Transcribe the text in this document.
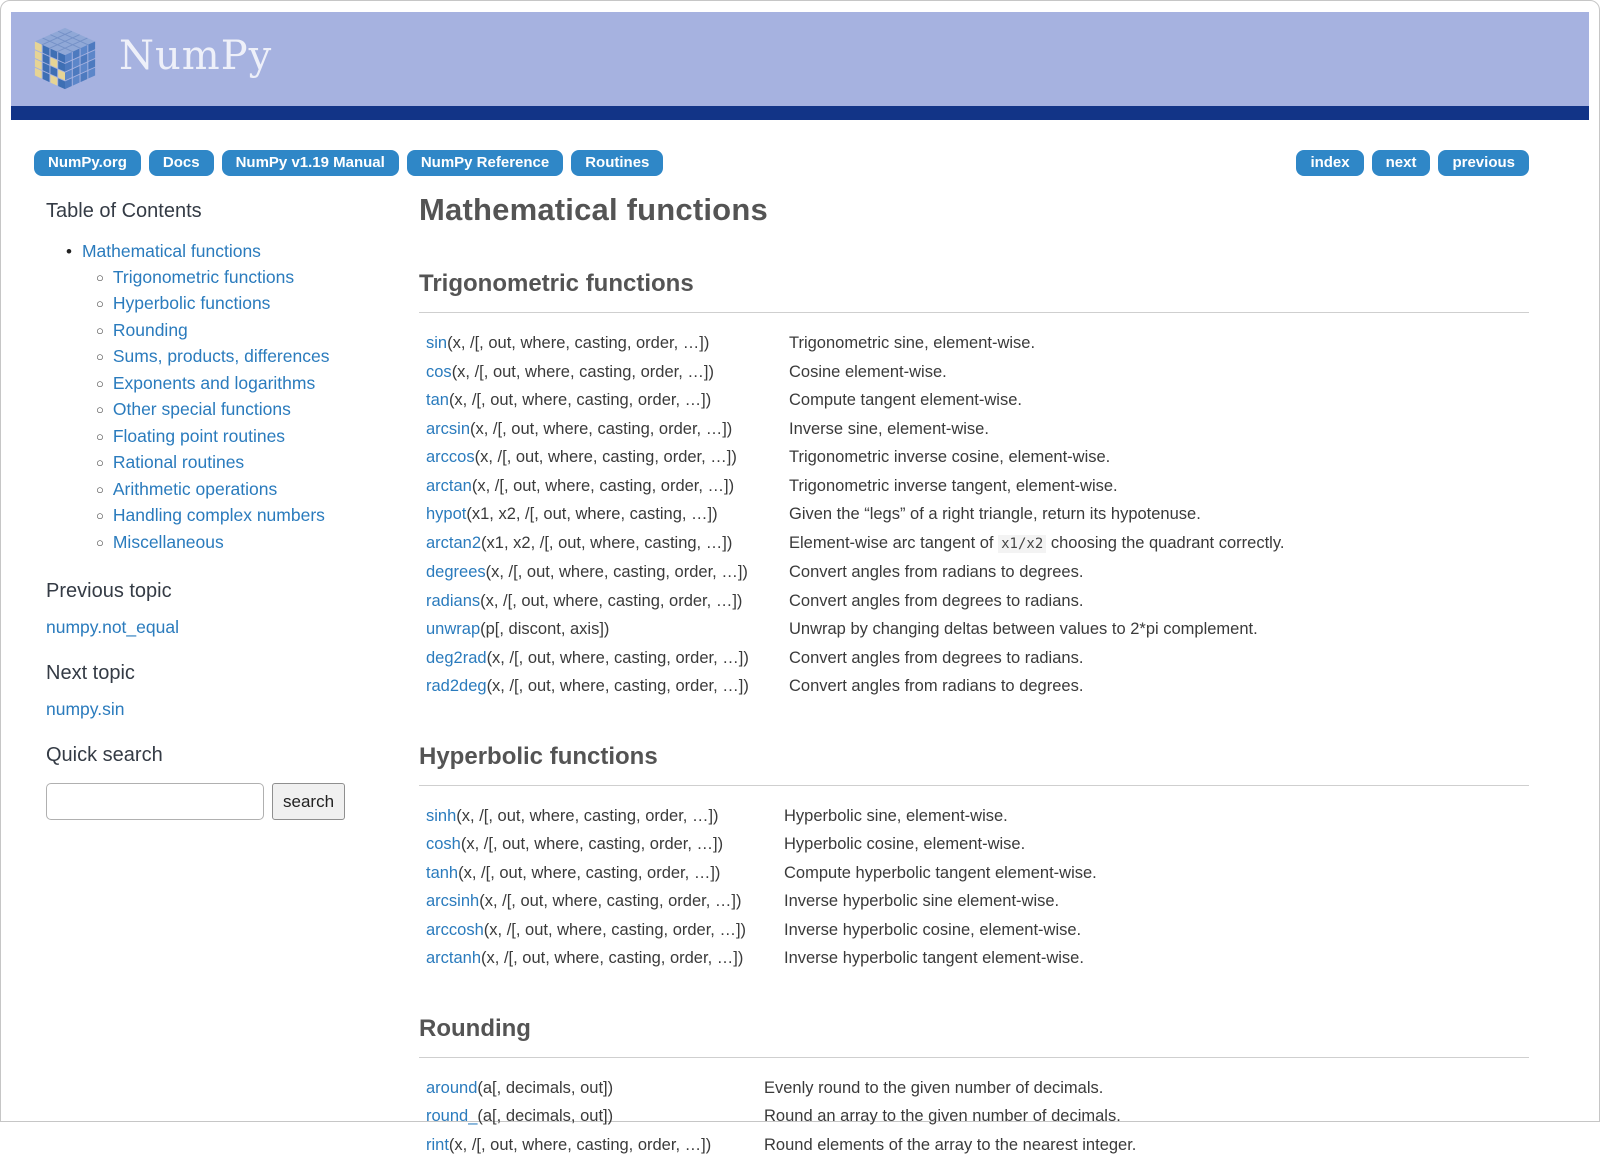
NumPy
NumPy.org	Docs	NumPy v1.19 Manual	NumPy Reference	Routines	index	next	previous
Table of Contents
• Mathematical functions
○ Trigonometric functions
○ Hyperbolic functions
○ Rounding
○ Sums, products, differences
○ Exponents and logarithms
○ Other special functions
○ Floating point routines
○ Rational routines
○ Arithmetic operations
○ Handling complex numbers
○ Miscellaneous
Previous topic
numpy.not_equal
Next topic
numpy.sin
Quick search
search
Mathematical functions
Trigonometric functions
sin(x, /[, out, where, casting, order, …])	Trigonometric sine, element-wise.
cos(x, /[, out, where, casting, order, …])	Cosine element-wise.
tan(x, /[, out, where, casting, order, …])	Compute tangent element-wise.
arcsin(x, /[, out, where, casting, order, …])	Inverse sine, element-wise.
arccos(x, /[, out, where, casting, order, …])	Trigonometric inverse cosine, element-wise.
arctan(x, /[, out, where, casting, order, …])	Trigonometric inverse tangent, element-wise.
hypot(x1, x2, /[, out, where, casting, …])	Given the “legs” of a right triangle, return its hypotenuse.
arctan2(x1, x2, /[, out, where, casting, …])	Element-wise arc tangent of x1/x2 choosing the quadrant correctly.
degrees(x, /[, out, where, casting, order, …])	Convert angles from radians to degrees.
radians(x, /[, out, where, casting, order, …])	Convert angles from degrees to radians.
unwrap(p[, discont, axis])	Unwrap by changing deltas between values to 2*pi complement.
deg2rad(x, /[, out, where, casting, order, …])	Convert angles from degrees to radians.
rad2deg(x, /[, out, where, casting, order, …])	Convert angles from radians to degrees.
Hyperbolic functions
sinh(x, /[, out, where, casting, order, …])	Hyperbolic sine, element-wise.
cosh(x, /[, out, where, casting, order, …])	Hyperbolic cosine, element-wise.
tanh(x, /[, out, where, casting, order, …])	Compute hyperbolic tangent element-wise.
arcsinh(x, /[, out, where, casting, order, …])	Inverse hyperbolic sine element-wise.
arccosh(x, /[, out, where, casting, order, …])	Inverse hyperbolic cosine, element-wise.
arctanh(x, /[, out, where, casting, order, …])	Inverse hyperbolic tangent element-wise.
Rounding
around(a[, decimals, out])	Evenly round to the given number of decimals.
round_(a[, decimals, out])	Round an array to the given number of decimals.
rint(x, /[, out, where, casting, order, …])	Round elements of the array to the nearest integer.
